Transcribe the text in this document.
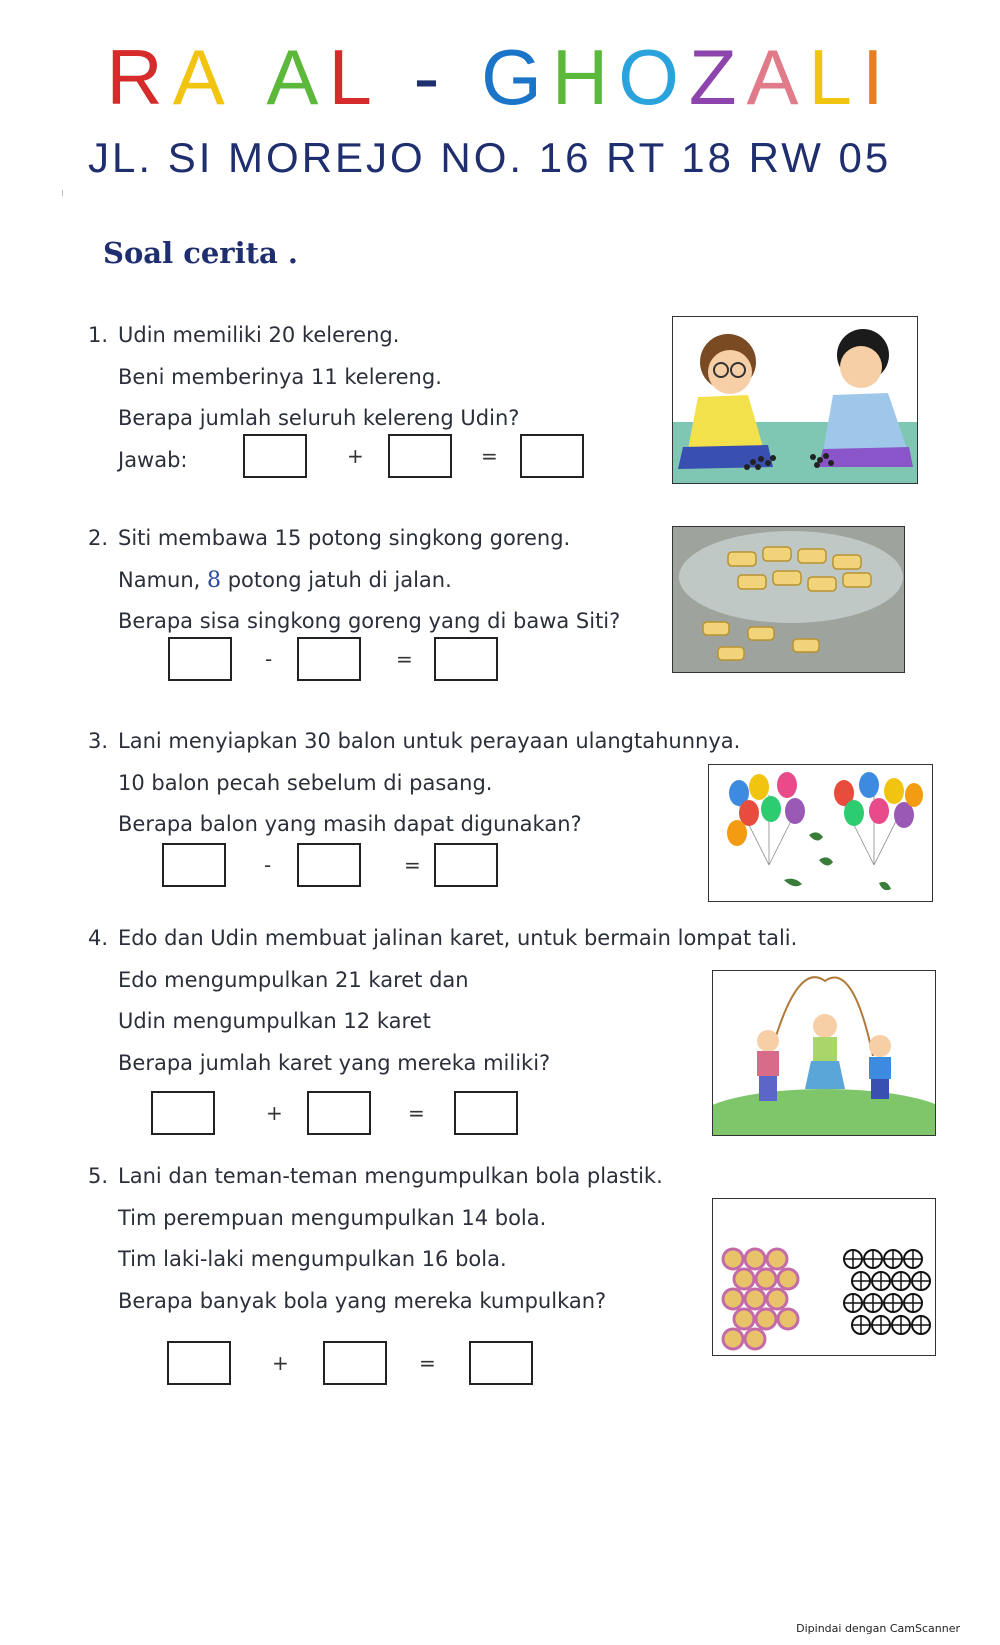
RA AL - GHOZALI
JL. SI MOREJO NO. 16 RT 18 RW 05
Soal cerita .
1. Udin memiliki 20 kelereng.
Beni memberinya 11 kelereng.
Berapa jumlah seluruh kelereng Udin?
Jawab:	+	=
2. Siti membawa 15 potong singkong goreng.
Namun, 8 potong jatuh di jalan.
Berapa sisa singkong goreng yang di bawa Siti?
-	=
3. Lani menyiapkan 30 balon untuk perayaan ulangtahunnya.
10 balon pecah sebelum di pasang.
Berapa balon yang masih dapat digunakan?
-	=
4. Edo dan Udin membuat jalinan karet, untuk bermain lompat tali.
Edo mengumpulkan 21 karet dan
Udin mengumpulkan 12 karet
Berapa jumlah karet yang mereka miliki?
+	=
5. Lani dan teman-teman mengumpulkan bola plastik.
Tim perempuan mengumpulkan 14 bola.
Tim laki-laki mengumpulkan 16 bola.
Berapa banyak bola yang mereka kumpulkan?
+	=
Dipindai dengan CamScanner
